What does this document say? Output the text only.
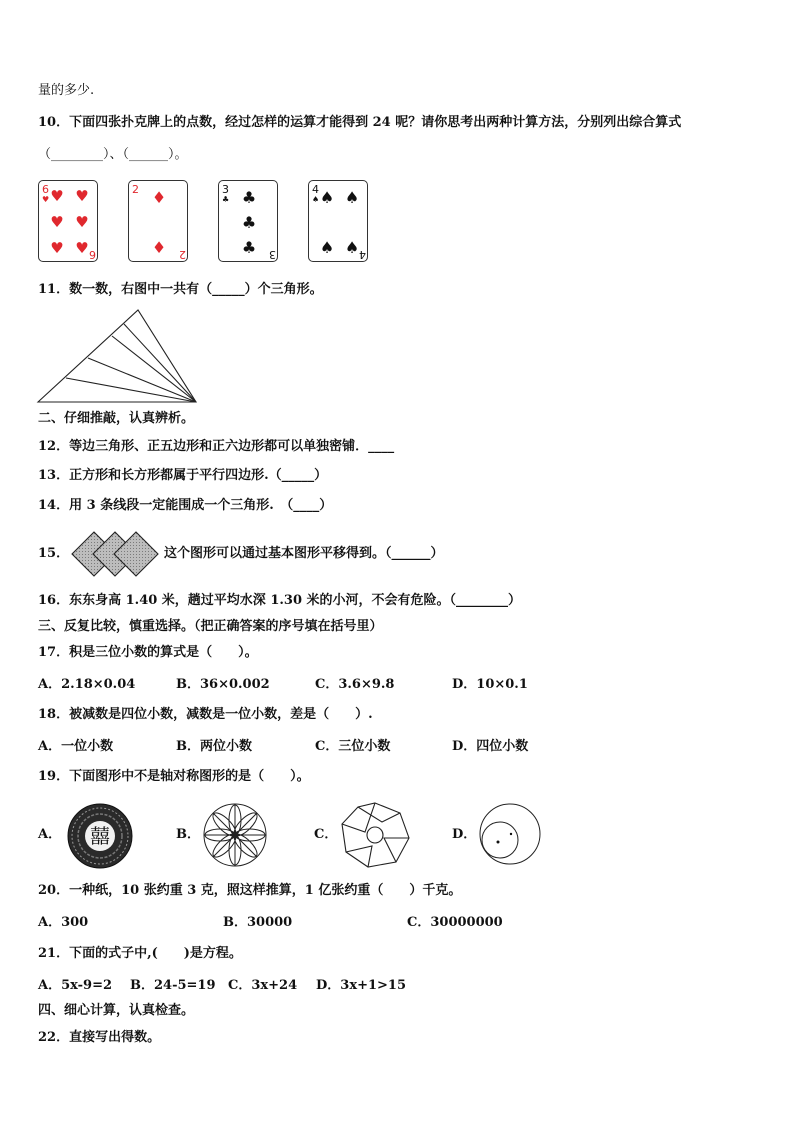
量的多少.
10．下面四张扑克牌上的点数，经过怎样的运算才能得到 24 呢？请你思考出两种计算方法，分别列出综合算式
（________）、（______）。
6
♥ ♥ ♥
♥ ♥
♥ ♥ 6
2 ♦
♦ 2
3
♣ ♣
♣
♣ 3
4
♠ ♠ ♠
♠ ♠ 4
11．数一数，右图中一共有（_____）个三角形。
二、仔细推敲，认真辨析。
12．等边三角形、正五边形和正六边形都可以单独密铺．____
13．正方形和长方形都属于平行四边形.（_____）
14．用 3 条线段一定能围成一个三角形.　（____）
15．	这个图形可以通过基本图形平移得到。（______）
16．东东身高 1.40 米，趟过平均水深 1.30 米的小河，不会有危险。（________）
三、反复比较，慎重选择。（把正确答案的序号填在括号里）
17．积是三位小数的算式是（　　）。
A．2.18×0.04	B．36×0.002	C．3.6×9.8	D．10×0.1
18．被减数是四位小数，减数是一位小数，差是（　　）.
A．一位小数	B．两位小数	C．三位小数	D．四位小数
19．下面图形中不是轴对称图形的是（　　）。
A． 囍	B．	C．	D．
20．一种纸，10 张约重 3 克，照这样推算，1 亿张约重（　　）千克。
A．300	B．30000	C．30000000
21．下面的式子中,(　　)是方程。
A．5x-9=2 B．24-5=19 C．3x+24 D．3x+1>15
四、细心计算，认真检查。
22．直接写出得数。
